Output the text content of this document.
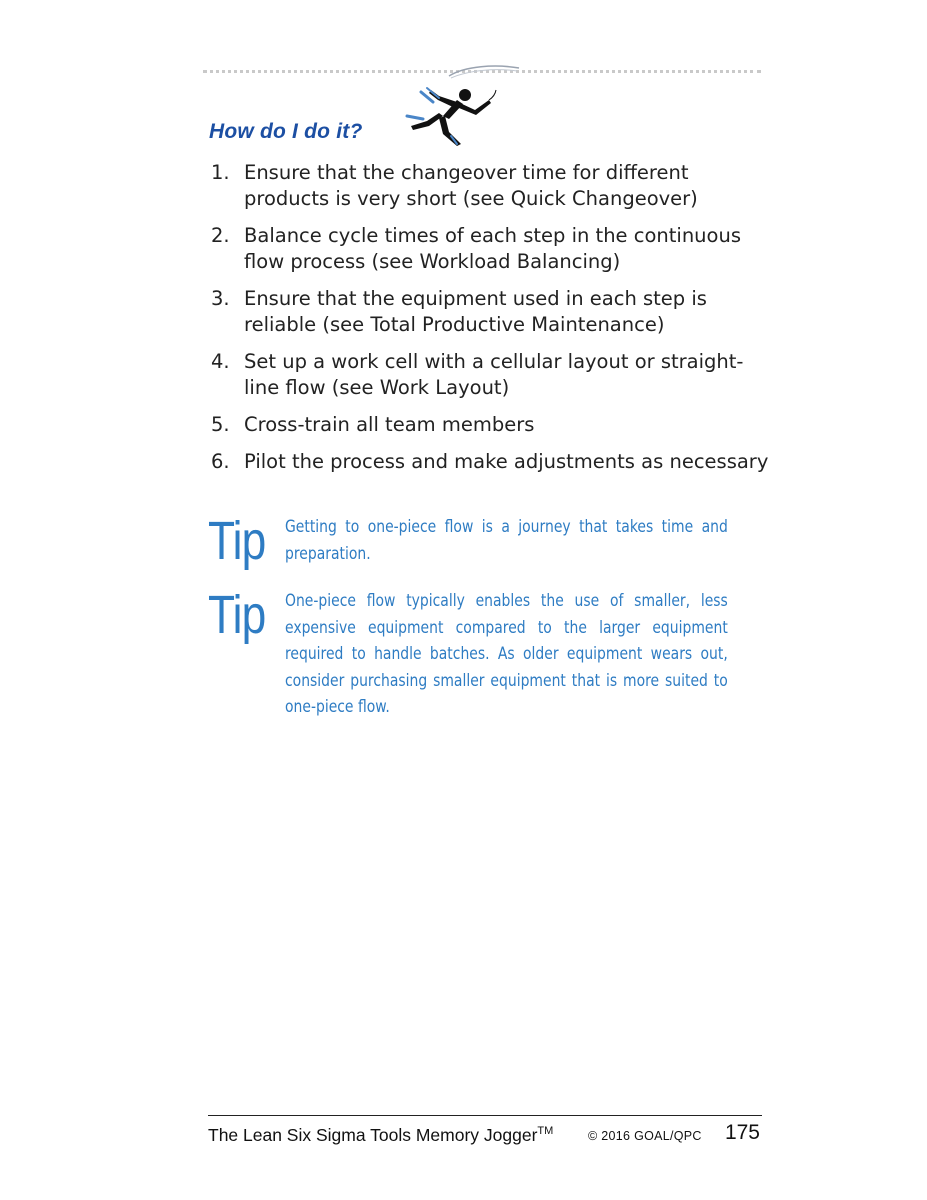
How do I do it?
1. Ensure that the changeover time for different products is very short (see Quick Changeover)
2. Balance cycle times of each step in the continuous flow process (see Workload Balancing)
3. Ensure that the equipment used in each step is reliable (see Total Productive Maintenance)
4. Set up a work cell with a cellular layout or straight-line flow (see Work Layout)
5. Cross-train all team members
6. Pilot the process and make adjustments as necessary
Tip Getting to one-piece flow is a journey that takes time and preparation.
Tip One-piece flow typically enables the use of smaller, less expensive equipment compared to the larger equipment required to handle batches. As older equipment wears out, consider purchasing smaller equipment that is more suited to one-piece flow.
The Lean Six Sigma Tools Memory Jogger™	© 2016 GOAL/QPC 175
